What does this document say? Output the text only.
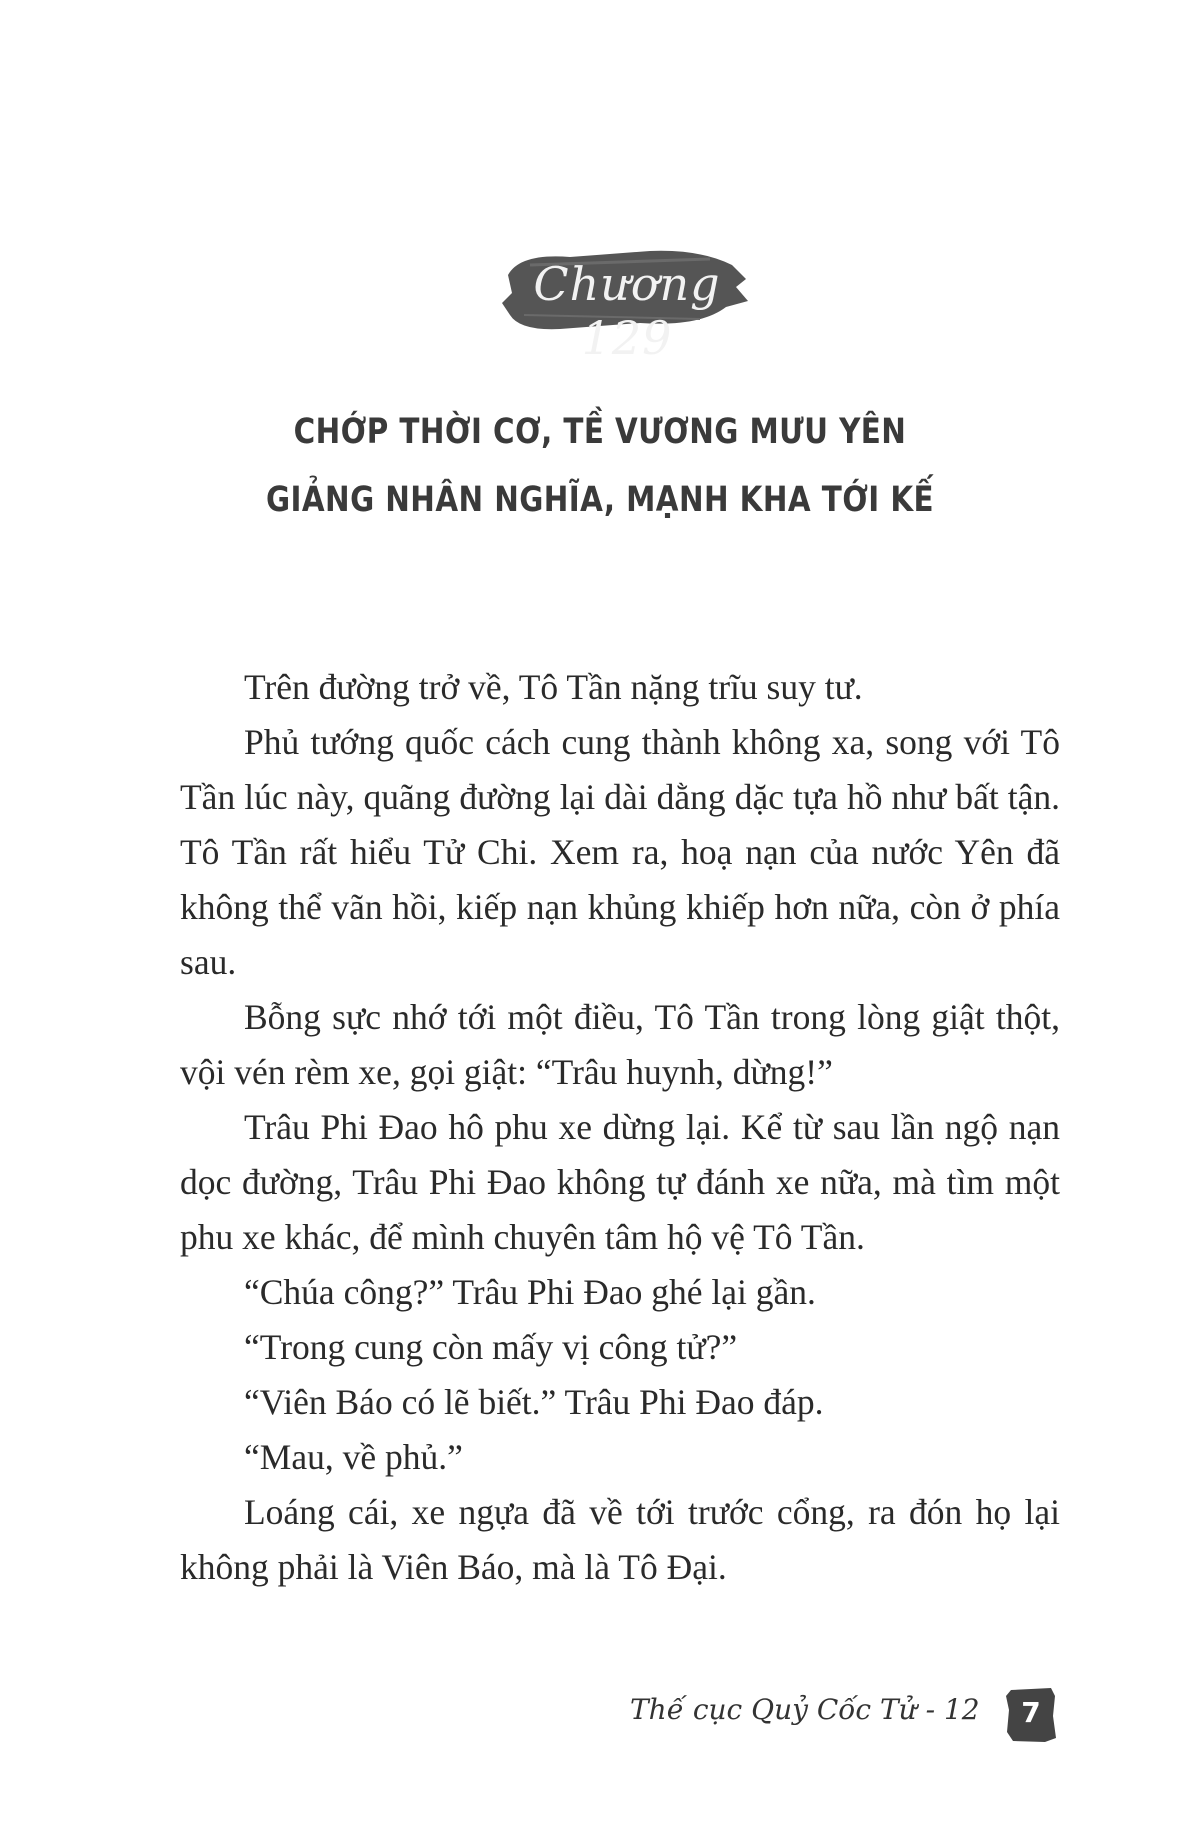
Chương 129
CHỚP THỜI CƠ, TỀ VƯƠNG MƯU YÊN
GIẢNG NHÂN NGHĨA, MẠNH KHA TỚI KẾ

Trên đường trở về, Tô Tần nặng trĩu suy tư.

Phủ tướng quốc cách cung thành không xa, song với Tô Tần lúc này, quãng đường lại dài dằng dặc tựa hồ như bất tận. Tô Tần rất hiểu Tử Chi. Xem ra, hoạ nạn của nước Yên đã không thể vãn hồi, kiếp nạn khủng khiếp hơn nữa, còn ở phía sau.

Bỗng sực nhớ tới một điều, Tô Tần trong lòng giật thột, vội vén rèm xe, gọi giật: “Trâu huynh, dừng!”

Trâu Phi Đao hô phu xe dừng lại. Kể từ sau lần ngộ nạn dọc đường, Trâu Phi Đao không tự đánh xe nữa, mà tìm một phu xe khác, để mình chuyên tâm hộ vệ Tô Tần.

“Chúa công?” Trâu Phi Đao ghé lại gần.

“Trong cung còn mấy vị công tử?”

“Viên Báo có lẽ biết.” Trâu Phi Đao đáp.

“Mau, về phủ.”

Loáng cái, xe ngựa đã về tới trước cổng, ra đón họ lại không phải là Viên Báo, mà là Tô Đại.

Thế cục Quỷ Cốc Tử - 12	7
